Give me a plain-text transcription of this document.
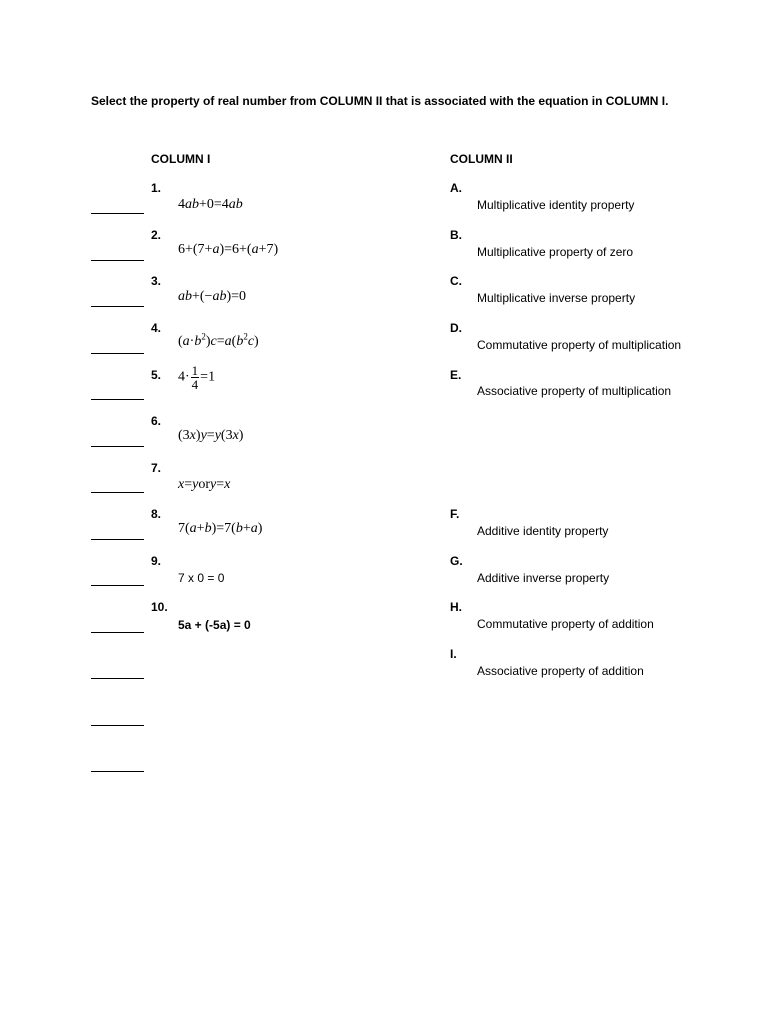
Select the property of real number from COLUMN II that is associated with the equation in COLUMN I.
COLUMN I	COLUMN II
1.
2.
3.
4.
5.
6.
7.
8.
9.
10.
4ab+0=4ab
6+(7+a)=6+(a+7)
ab+(−ab)=0
$(a\cdot b^2)c=a(b^2c)$
$4\cdot \frac{1}{4} =1$
(3x)y=y(3x)
x=yory=x
7(a+b)=7(b+a)
7 x 0 = 0
5a + (-5a) = 0
A.
B.
C.
D.
E.
F.
G.
H.
I.
Multiplicative identity property
Multiplicative property of zero
Multiplicative inverse property
Commutative property of multiplication
Associative property of multiplication
Additive identity property
Additive inverse property
Commutative property of addition
Associative property of addition
